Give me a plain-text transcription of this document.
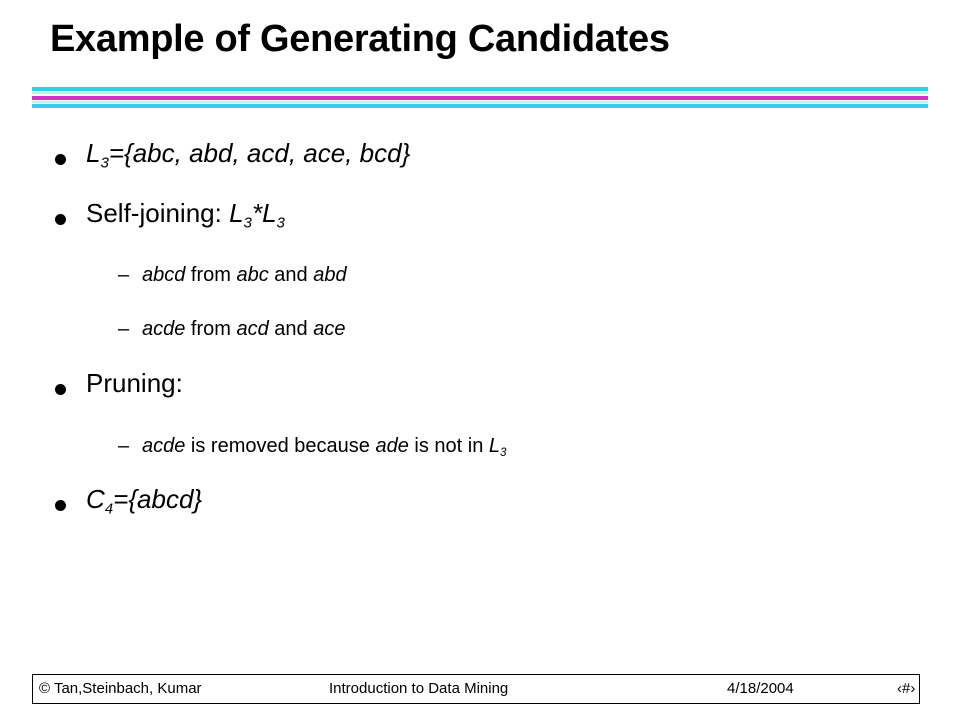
Example of Generating Candidates
$L_3=\{abc$, abd, acd, ace, bcd}
Self-joining: $L_3*L_3$
– abcd from abc and abd
– acde from acd and ace
Pruning:
– acde is removed because ade is not in $L_3$
$C_4=\{abcd\}$
© Tan,Steinbach, Kumar	Introduction to Data Mining	4/18/2004	‹#›
